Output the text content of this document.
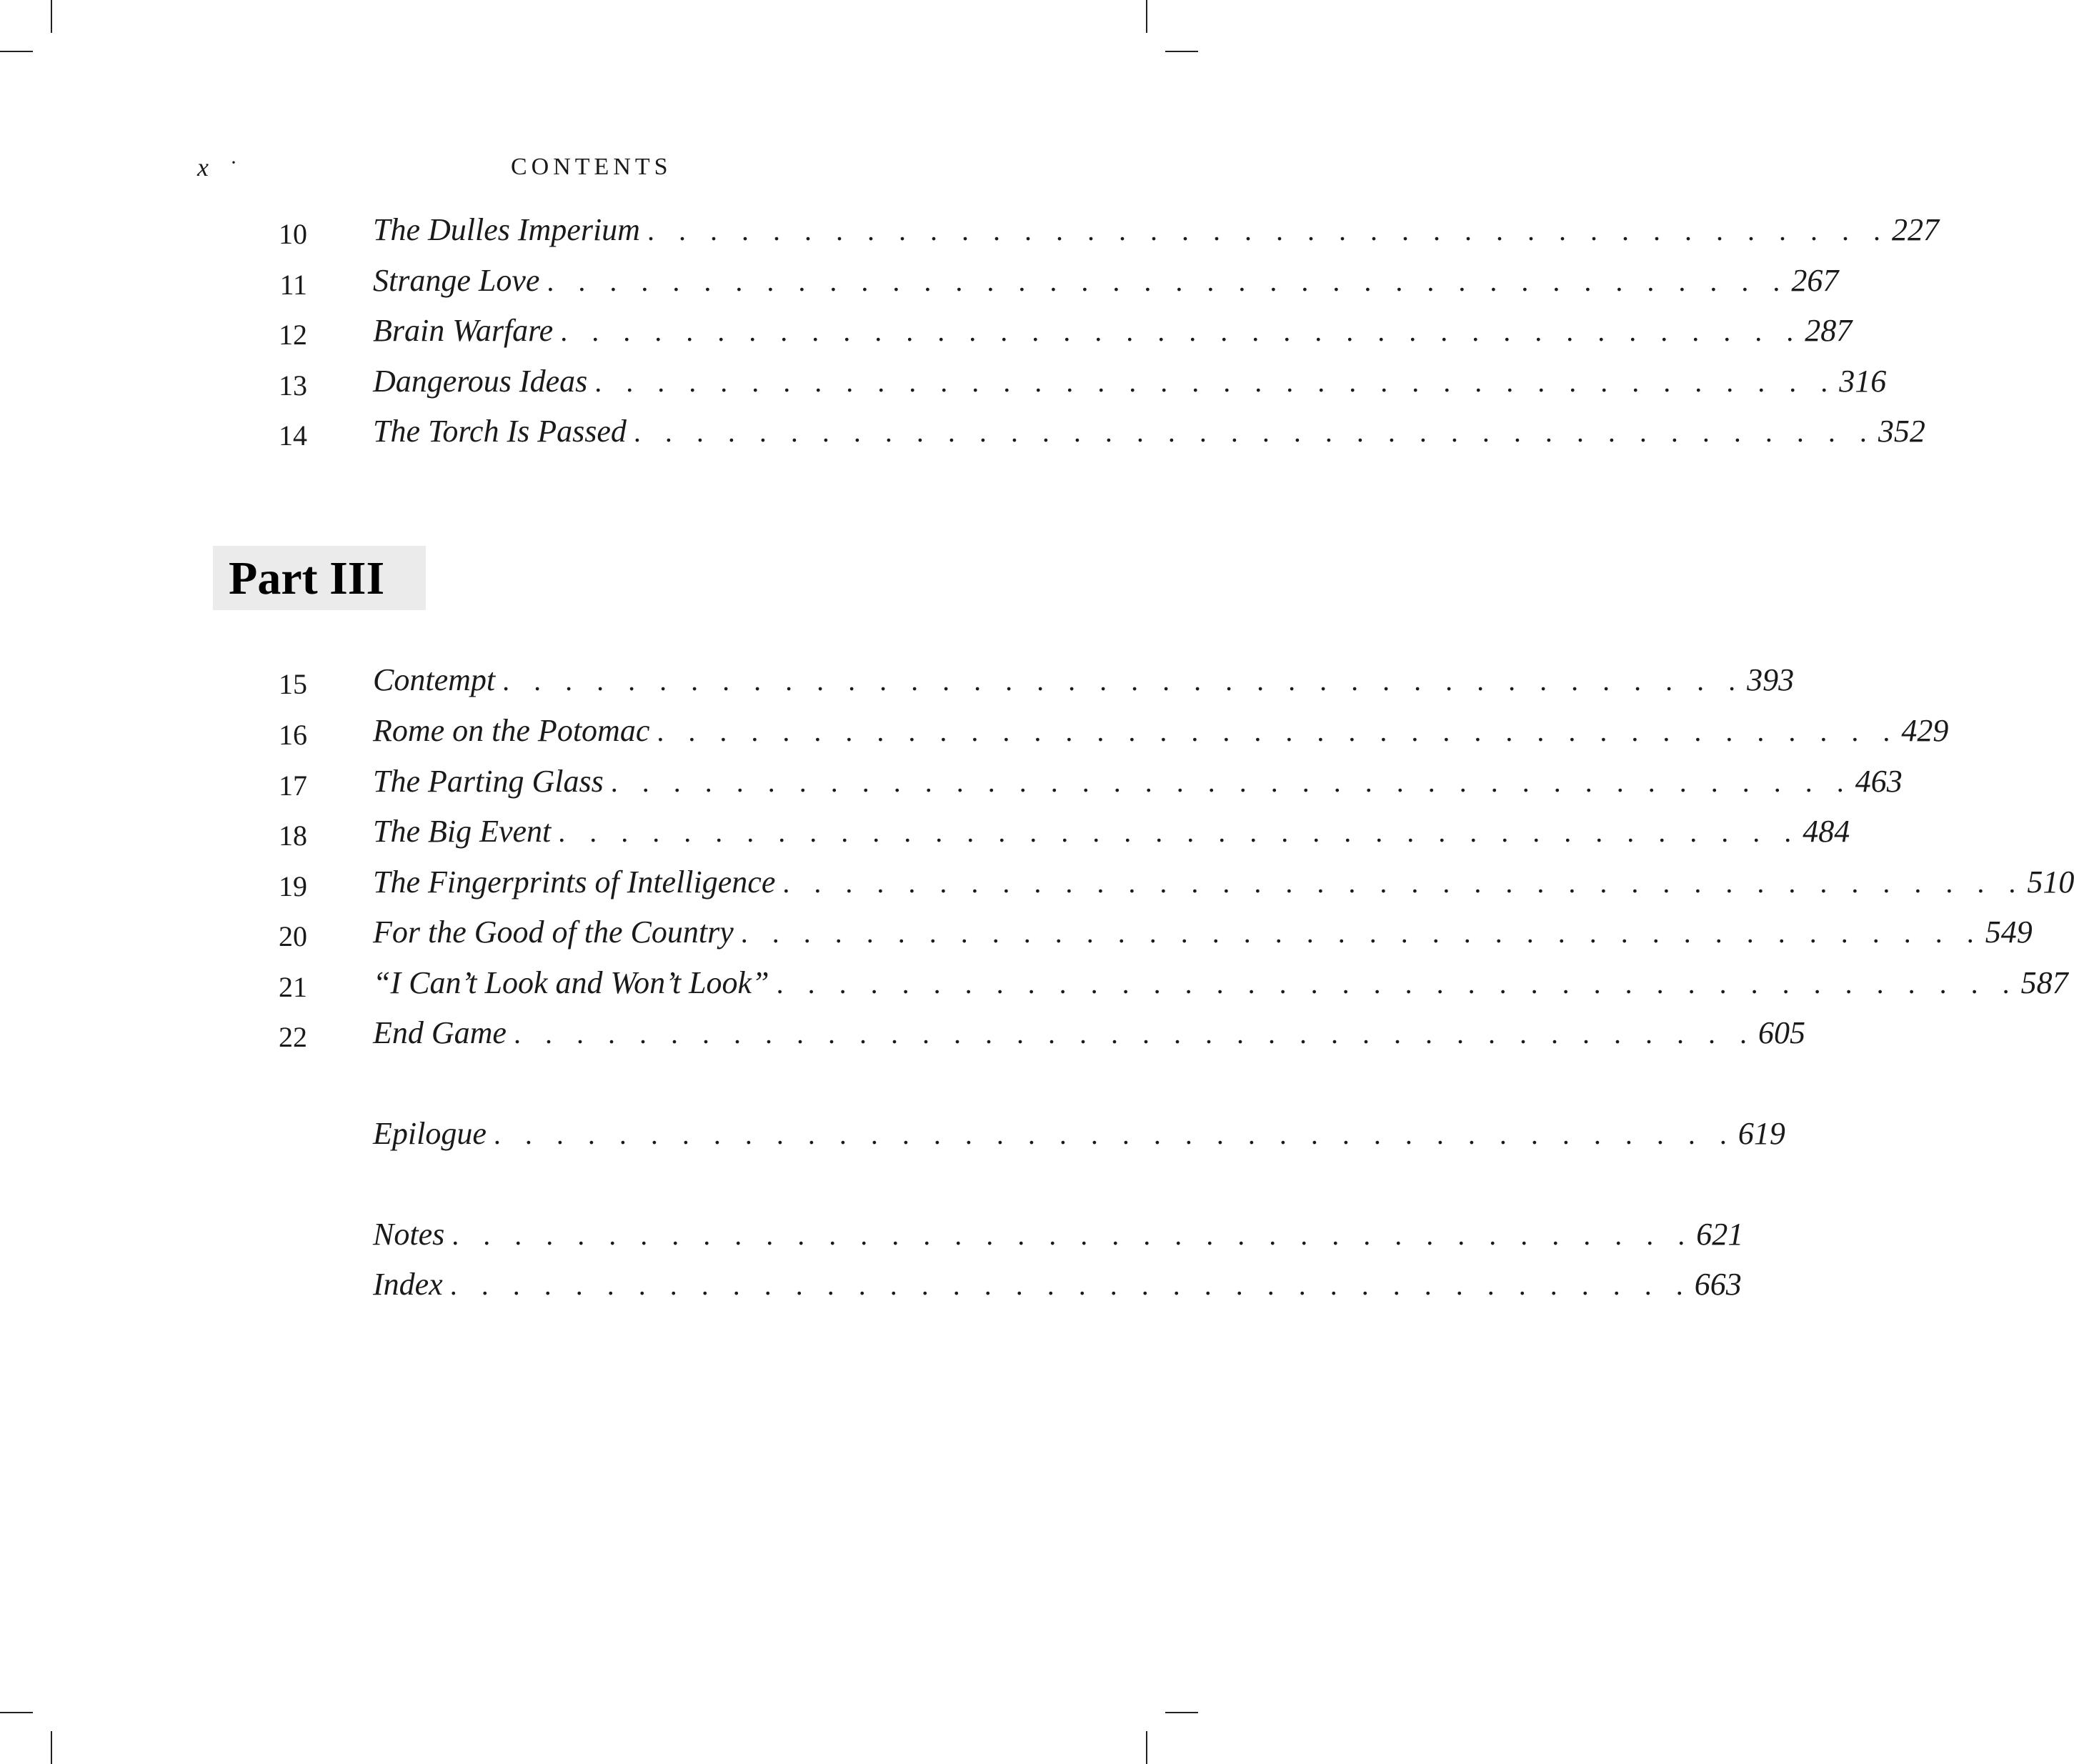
x ·	CONTENTS
10 The Dulles Imperium . . . . . . . . . . . . . . . . . . . . . . . . . . . . . . . . . . . . . . . . 227
11 Strange Love . . . . . . . . . . . . . . . . . . . . . . . . . . . . . . . . . . . . . . . . 267
12 Brain Warfare . . . . . . . . . . . . . . . . . . . . . . . . . . . . . . . . . . . . . . . . 287
13 Dangerous Ideas . . . . . . . . . . . . . . . . . . . . . . . . . . . . . . . . . . . . . . . . 316
14 The Torch Is Passed . . . . . . . . . . . . . . . . . . . . . . . . . . . . . . . . . . . . . . . . 352
Part III
15 Contempt . . . . . . . . . . . . . . . . . . . . . . . . . . . . . . . . . . . . . . . . 393
16 Rome on the Potomac . . . . . . . . . . . . . . . . . . . . . . . . . . . . . . . . . . . . . . . . 429
17 The Parting Glass . . . . . . . . . . . . . . . . . . . . . . . . . . . . . . . . . . . . . . . . 463
18 The Big Event . . . . . . . . . . . . . . . . . . . . . . . . . . . . . . . . . . . . . . . . 484
19 The Fingerprints of Intelligence . . . . . . . . . . . . . . . . . . . . . . . . . . . . . . . . . . . . . . . . 510
20 For the Good of the Country . . . . . . . . . . . . . . . . . . . . . . . . . . . . . . . . . . . . . . . . 549
21 “I Can’t Look and Won’t Look” . . . . . . . . . . . . . . . . . . . . . . . . . . . . . . . . . . . . . . . . 587
22 End Game . . . . . . . . . . . . . . . . . . . . . . . . . . . . . . . . . . . . . . . . 605
Epilogue . . . . . . . . . . . . . . . . . . . . . . . . . . . . . . . . . . . . . . . . 619
Notes . . . . . . . . . . . . . . . . . . . . . . . . . . . . . . . . . . . . . . . . 621
Index . . . . . . . . . . . . . . . . . . . . . . . . . . . . . . . . . . . . . . . . 663
